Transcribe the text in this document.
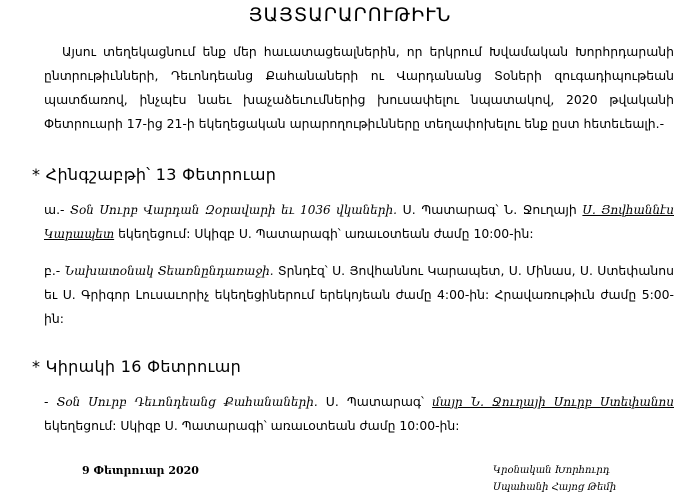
ՅԱՅՏԱՐԱՐՈՒԹԻՒՆ
Այսու տեղեկացնում ենք մեր հաւատացեալներին, որ երկրում Խվամական Խորհրդարանի ընտրութիւնների, Դեւոնդեանց Քահանաների ու Վարդանանց Տօների զուգադիպութեան պատճառով, ինչպէս նաեւ խաչաձեւումներից խուսափելու նպատակով, 2020 թվականի Փետրուարի 17-ից 21-ի եկեղեցական արարողութիւնները տեղափոխելու ենք ըստ հետեւեալի.-
* Հինգշաբթի՝ 13 Փետրուար
ա.- Տօն Սուրբ Վարդան Զօրավարի եւ 1036 վկաների. Ս. Պատարագ՝ Ն. Ջուղայի Ս. Յովհաննէս Կարապետ եկեղեցում: Սկիզբ Ս. Պատարագի՝ առաւօտեան ժամը 10:00-ին:
բ.- Նախատօնակ Տեառնընդառաջի. Տրնդէզ՝ Ս. Յովհաննու Կարապետ, Ս. Մինաս, Ս. Ստեփանոս եւ Ս. Գրիգոր Լուսաւորիչ եկեղեցիներում երեկոյեան ժամը 4:00-ին: Հրավառութիւն ժամը 5:00-ին:
* Կիրակի 16 Փետրուար
- Տօն Սուրբ Դեւոնդեանց Քահանաների. Ս. Պատարագ՝ մայր Ն. Ջուղայի Սուրբ Ստեփանոս եկեղեցում: Սկիզբ Ս. Պատարագի՝ առաւօտեան ժամը 10:00-ին:
9 Փետրուար 2020	Կրօնական Խորհուրդ
Սպահանի Հայոց Թեմի
